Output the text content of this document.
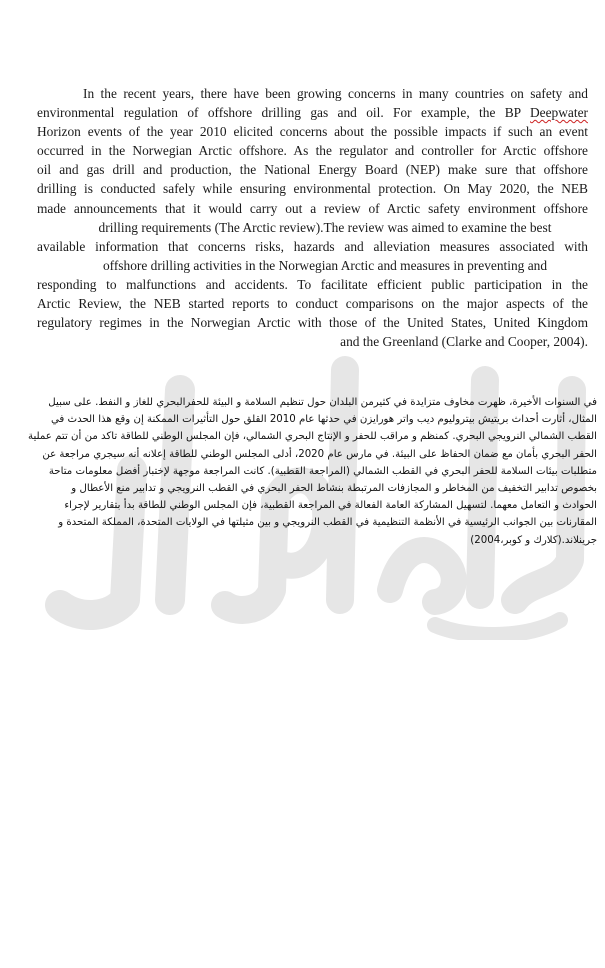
In the recent years, there have been growing concerns in many countries on safety and
environmental regulation of offshore drilling gas and oil. For example, the BP Deepwater
Horizon events of the year 2010 elicited concerns about the possible impacts if such an event
occurred in the Norwegian Arctic offshore. As the regulator and controller for Arctic offshore
oil and gas drill and production, the National Energy Board (NEP) make sure that offshore
drilling is conducted safely while ensuring environmental protection. On May 2020, the NEB
made announcements that it would carry out a review of Arctic safety environment offshore
drilling requirements (The Arctic review).The review was aimed to examine the best
available information that concerns risks, hazards and alleviation measures associated with
offshore drilling activities in the Norwegian Arctic and measures in preventing and
responding to malfunctions and accidents. To facilitate efficient public participation in the
Arctic Review, the NEB started reports to conduct comparisons on the major aspects of the
regulatory regimes in the Norwegian Arctic with those of the United States, United Kingdom
and the Greenland (Clarke and Cooper, 2004).
في السنوات الأخيرة، ظهرت مخاوف متزايدة في كثيرمن البلدان حول تنظيم السلامة و البيئة للحفرالبحري للغاز و النفط. على سبيل
المثال، أثارت أحداث بريتيش بيتروليوم ديب واتر هورايزن في حدثها عام 2010 القلق حول التأثيرات الممكنة إن وقع هذا الحدث في
القطب الشمالي النرويجي البحري. كمنظم و مراقب للحفر و الإنتاج البحري الشمالي، فإن المجلس الوطني للطاقة تاكد من أن تتم عملية
الحفر البحري بأمان مع ضمان الحفاظ على البيئة. في مارس عام 2020، أدلى المجلس الوطني للطاقة إعلانه أنه سيجري مراجعة عن
متطلبات بيئات السلامة للحفر البحري في القطب الشمالي (المراجعة القطبية). كانت المراجعة موجهة لإختبار أفضل معلومات متاحة
بخصوص تدابير التخفيف من المخاطر و المجازفات المرتبطة بنشاط الحفر البحري في القطب النرويجي و تدابير منع الأعطال و
الحوادث و التعامل معهما. لتسهيل المشاركة العامة الفعالة في المراجعة القطبية، فإن المجلس الوطني للطاقة بدأ بتقارير لإجراء
المقارنات بين الجوانب الرئيسية في الأنظمة التنظيمية في القطب النرويجي و بين مثيلتها في الولايات المتحدة، المملكة المتحدة و
جرينلاند.(كلارك و كوبر،2004)
